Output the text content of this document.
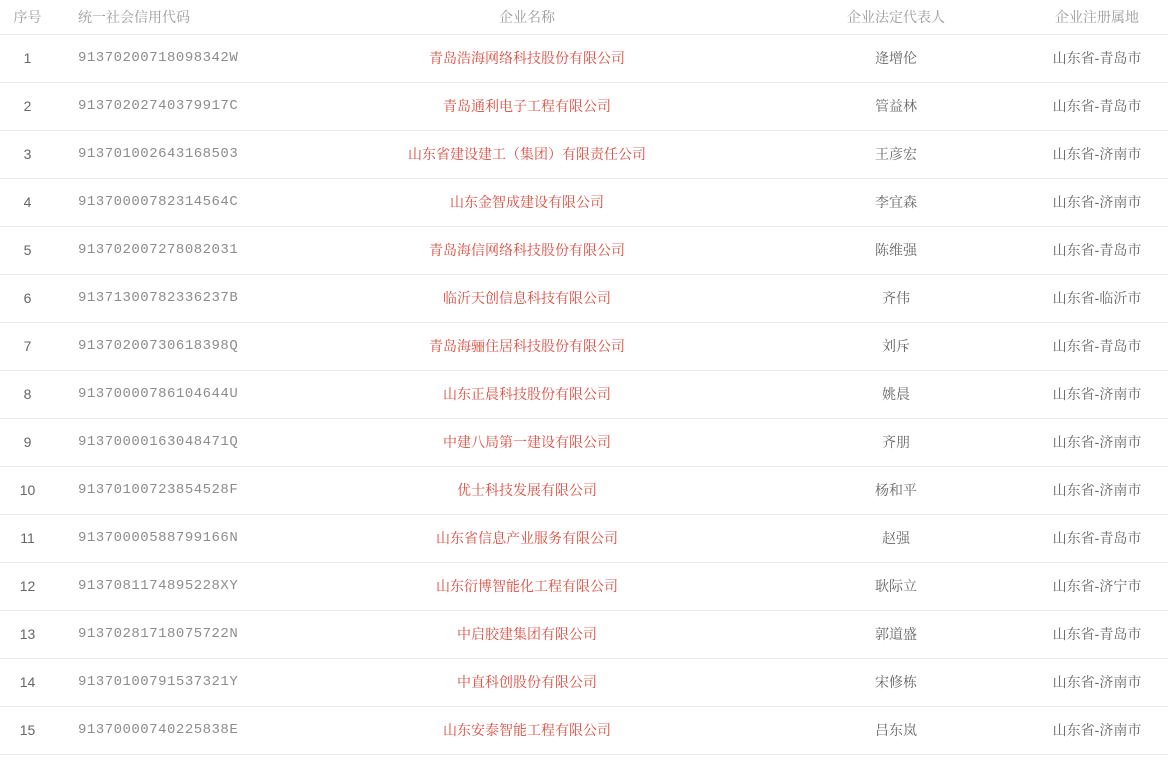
序号	统一社会信用代码	企业名称	企业法定代表人	企业注册属地
1	91370200718098342W	青岛浩海网络科技股份有限公司	逄增伦	山东省-青岛市
2	91370202740379917C	青岛通利电子工程有限公司	管益林	山东省-青岛市
3	913701002643168503	山东省建设建工（集团）有限责任公司	王彦宏	山东省-济南市
4	91370000782314564C	山东金智成建设有限公司	李宜森	山东省-济南市
5	913702007278082031	青岛海信网络科技股份有限公司	陈维强	山东省-青岛市
6	91371300782336237B	临沂天创信息科技有限公司	齐伟	山东省-临沂市
7	91370200730618398Q	青岛海骊住居科技股份有限公司	刘斥	山东省-青岛市
8	91370000786104644U	山东正晨科技股份有限公司	姚晨	山东省-济南市
9	91370000163048471Q	中建八局第一建设有限公司	齐朋	山东省-济南市
10	91370100723854528F	优士科技发展有限公司	杨和平	山东省-济南市
11	91370000588799166N	山东省信息产业服务有限公司	赵强	山东省-青岛市
12	9137081174895228XY	山东衍博智能化工程有限公司	耿际立	山东省-济宁市
13	91370281718075722N	中启胶建集团有限公司	郭道盛	山东省-青岛市
14	91370100791537321Y	中直科创股份有限公司	宋修栋	山东省-济南市
15	91370000740225838E	山东安泰智能工程有限公司	吕东岚	山东省-济南市
